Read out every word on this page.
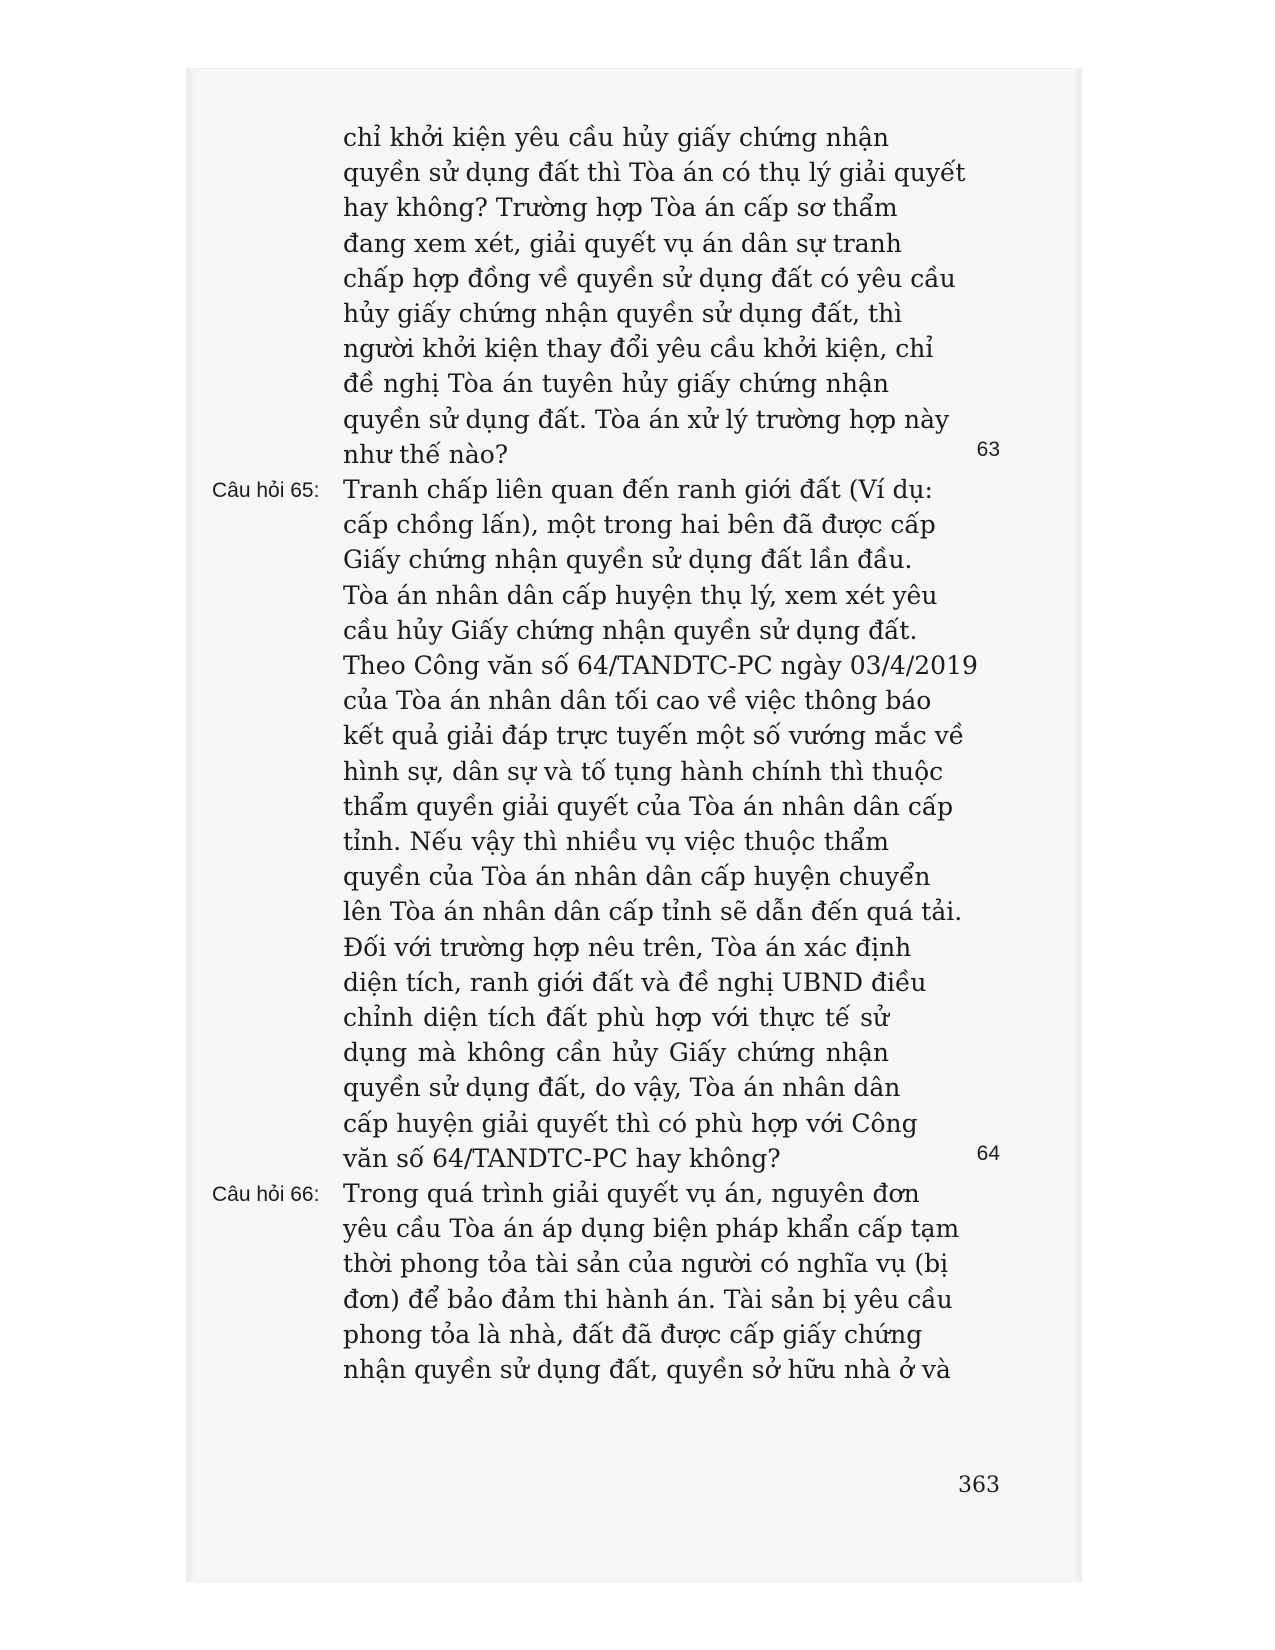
chỉ khởi kiện yêu cầu hủy giấy chứng nhận
quyền sử dụng đất thì Tòa án có thụ lý giải quyết
hay không? Trường hợp Tòa án cấp sơ thẩm
đang xem xét, giải quyết vụ án dân sự tranh
chấp hợp đồng về quyền sử dụng đất có yêu cầu
hủy giấy chứng nhận quyền sử dụng đất, thì
người khởi kiện thay đổi yêu cầu khởi kiện, chỉ
đề nghị Tòa án tuyên hủy giấy chứng nhận
quyền sử dụng đất. Tòa án xử lý trường hợp này
như thế nào?	63
Câu hỏi 65: Tranh chấp liên quan đến ranh giới đất (Ví dụ:
cấp chồng lấn), một trong hai bên đã được cấp
Giấy chứng nhận quyền sử dụng đất lần đầu.
Tòa án nhân dân cấp huyện thụ lý, xem xét yêu
cầu hủy Giấy chứng nhận quyền sử dụng đất.
Theo Công văn số 64/TANDTC-PC ngày 03/4/2019
của Tòa án nhân dân tối cao về việc thông báo
kết quả giải đáp trực tuyến một số vướng mắc về
hình sự, dân sự và tố tụng hành chính thì thuộc
thẩm quyền giải quyết của Tòa án nhân dân cấp
tỉnh. Nếu vậy thì nhiều vụ việc thuộc thẩm
quyền của Tòa án nhân dân cấp huyện chuyển
lên Tòa án nhân dân cấp tỉnh sẽ dẫn đến quá tải.
Đối với trường hợp nêu trên, Tòa án xác định
diện tích, ranh giới đất và đề nghị UBND điều
chỉnh diện tích đất phù hợp với thực tế sử
dụng mà không cần hủy Giấy chứng nhận
quyền sử dụng đất, do vậy, Tòa án nhân dân
cấp huyện giải quyết thì có phù hợp với Công
văn số 64/TANDTC-PC hay không?	64
Câu hỏi 66: Trong quá trình giải quyết vụ án, nguyên đơn
yêu cầu Tòa án áp dụng biện pháp khẩn cấp tạm
thời phong tỏa tài sản của người có nghĩa vụ (bị
đơn) để bảo đảm thi hành án. Tài sản bị yêu cầu
phong tỏa là nhà, đất đã được cấp giấy chứng
nhận quyền sử dụng đất, quyền sở hữu nhà ở và
363
